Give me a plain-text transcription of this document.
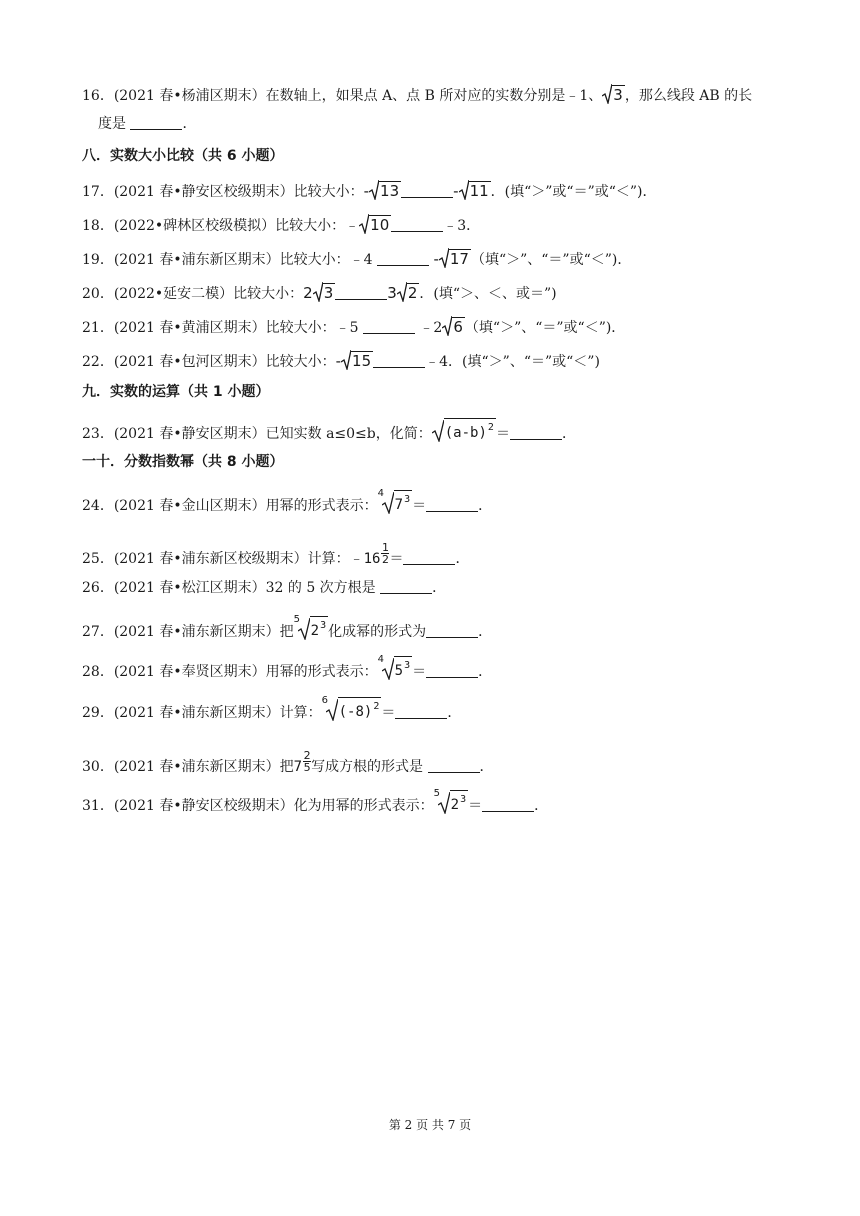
16．(2021 春•杨浦区期末）在数轴上，如果点 A、点 B 所对应的实数分别是﹣1、 3 ，那么线段 AB 的长
度是	．
八．实数大小比较（共 6 小题）
17．(2021 春•静安区校级期末）比较大小：- 13	- 11 ．(填“＞”或“＝”或“＜”)．
18．(2022•碑林区校级模拟）比较大小：﹣ 10	﹣3．
19．(2021 春•浦东新区期末）比较大小：﹣4	- 17 （填“＞”、“＝”或“＜”)．
20．(2022•延安二模）比较大小：2 3	3 2 ．(填“＞、＜、或＝”)
21．(2021 春•黄浦区期末）比较大小：﹣5	﹣2 6 （填“＞”、“＝”或“＜”)．
22．(2021 春•包河区期末）比较大小：- 15	﹣4．(填“＞”、“＝”或“＜”)
九．实数的运算（共 1 小题）
23．(2021 春•静安区期末）已知实数 a≤0≤b，化简： $(a-b)^2$ ＝	．
一十．分数指数幂（共 8 小题）
24．(2021 春•金山区期末）用幂的形式表示：
4
$7^3$ ＝	．
25．(2021 春•浦东新区校级期末）计算：﹣16 $\frac{1}{2}$ ＝	．
26．(2021 春•松江区期末）32 的 5 次方根是	．
27．(2021 春•浦东新区期末）把
5
$2^3$ 化成幂的形式为	．
28．(2021 春•奉贤区期末）用幂的形式表示：
4
$5^3$ ＝	．
29．(2021 春•浦东新区期末）计算：
6
$(-8)^2$ ＝	．
30．(2021 春•浦东新区期末）把$7 \frac{2}{5}$ 写成方根的形式是	．
31．(2021 春•静安区校级期末）化为用幂的形式表示：
5
$2^3$ ＝	．
第 2 页 共 7 页
